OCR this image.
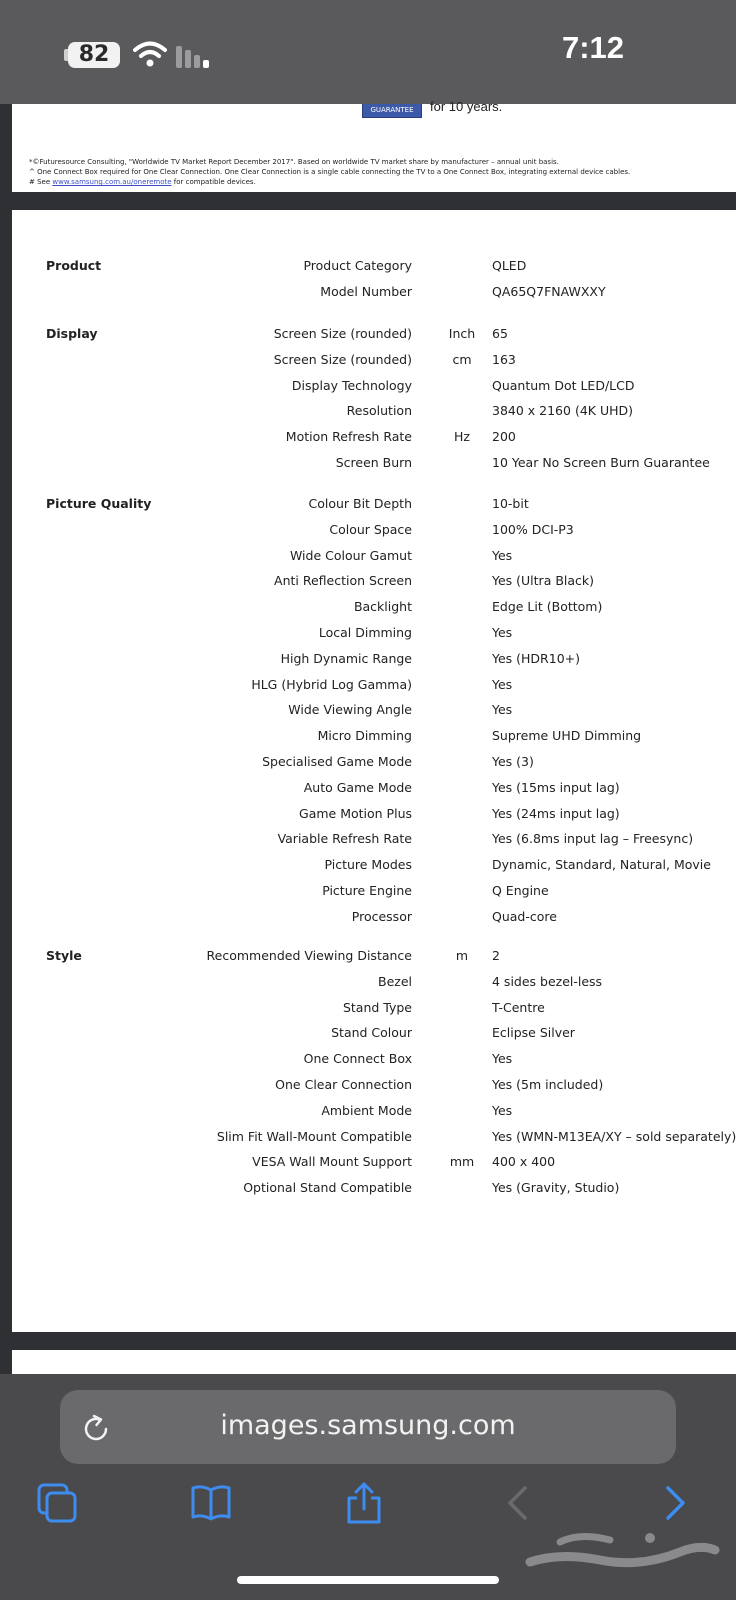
82	7:12
GUARANTEE	for 10 years.
*©Futuresource Consulting, "Worldwide TV Market Report December 2017". Based on worldwide TV market share by manufacturer – annual unit basis.
^ One Connect Box required for One Clear Connection. One Clear Connection is a single cable connecting the TV to a One Connect Box, integrating external device cables.
# See www.samsung.com.au/oneremote for compatible devices.
Product	Product Category	QLED
Model Number	QA65Q7FNAWXXY
Display	Screen Size (rounded)	Inch	65
Screen Size (rounded)	cm	163
Display Technology	Quantum Dot LED/LCD
Resolution	3840 x 2160 (4K UHD)
Motion Refresh Rate	Hz	200
Screen Burn	10 Year No Screen Burn Guarantee
Picture Quality	Colour Bit Depth	10-bit
Colour Space	100% DCI-P3
Wide Colour Gamut	Yes
Anti Reflection Screen	Yes (Ultra Black)
Backlight	Edge Lit (Bottom)
Local Dimming	Yes
High Dynamic Range	Yes (HDR10+)
HLG (Hybrid Log Gamma)	Yes
Wide Viewing Angle	Yes
Micro Dimming	Supreme UHD Dimming
Specialised Game Mode	Yes (3)
Auto Game Mode	Yes (15ms input lag)
Game Motion Plus	Yes (24ms input lag)
Variable Refresh Rate	Yes (6.8ms input lag – Freesync)
Picture Modes	Dynamic, Standard, Natural, Movie
Picture Engine	Q Engine
Processor	Quad-core
Style	Recommended Viewing Distance	m	2
Bezel	4 sides bezel-less
Stand Type	T-Centre
Stand Colour	Eclipse Silver
One Connect Box	Yes
One Clear Connection	Yes (5m included)
Ambient Mode	Yes
Slim Fit Wall-Mount Compatible	Yes (WMN-M13EA/XY – sold separately)
VESA Wall Mount Support	mm	400 x 400
Optional Stand Compatible	Yes (Gravity, Studio)
images.samsung.com
